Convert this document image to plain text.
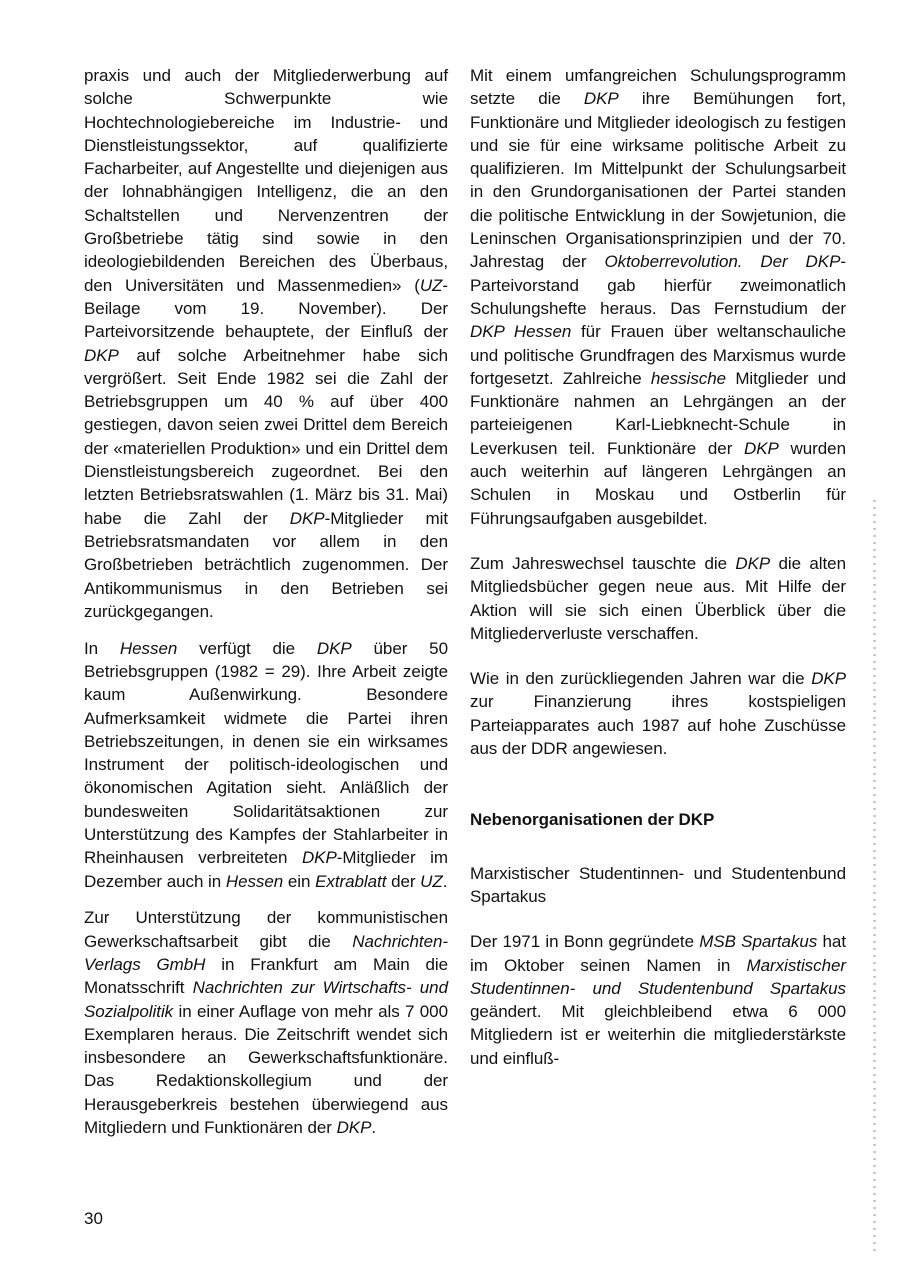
praxis und auch der Mitgliederwerbung auf solche Schwerpunkte wie Hochtechnologiebereiche im Industrie- und Dienstleistungssektor, auf qualifizierte Facharbeiter, auf Angestellte und diejenigen aus der lohnabhängigen Intelligenz, die an den Schaltstellen und Nervenzentren der Großbetriebe tätig sind sowie in den ideologiebildenden Bereichen des Überbaus, den Universitäten und Massenmedien» (UZ-Beilage vom 19. November). Der Parteivorsitzende behauptete, der Einfluß der DKP auf solche Arbeitnehmer habe sich vergrößert. Seit Ende 1982 sei die Zahl der Betriebsgruppen um 40 % auf über 400 gestiegen, davon seien zwei Drittel dem Bereich der «materiellen Produktion» und ein Drittel dem Dienstleistungsbereich zugeordnet. Bei den letzten Betriebsratswahlen (1. März bis 31. Mai) habe die Zahl der DKP-Mitglieder mit Betriebsratsmandaten vor allem in den Großbetrieben beträchtlich zugenommen. Der Antikommunismus in den Betrieben sei zurückgegangen.

In Hessen verfügt die DKP über 50 Betriebsgruppen (1982 = 29). Ihre Arbeit zeigte kaum Außenwirkung. Besondere Aufmerksamkeit widmete die Partei ihren Betriebszeitungen, in denen sie ein wirksames Instrument der politisch-ideologischen und ökonomischen Agitation sieht. Anläßlich der bundesweiten Solidaritätsaktionen zur Unterstützung des Kampfes der Stahlarbeiter in Rheinhausen verbreiteten DKP-Mitglieder im Dezember auch in Hessen ein Extrablatt der UZ.

Zur Unterstützung der kommunistischen Gewerkschaftsarbeit gibt die Nachrichten-Verlags GmbH in Frankfurt am Main die Monatsschrift Nachrichten zur Wirtschafts- und Sozialpolitik in einer Auflage von mehr als 7 000 Exemplaren heraus. Die Zeitschrift wendet sich insbesondere an Gewerkschaftsfunktionäre. Das Redaktionskollegium und der Herausgeberkreis bestehen überwiegend aus Mitgliedern und Funktionären der DKP.

Mit einem umfangreichen Schulungsprogramm setzte die DKP ihre Bemühungen fort, Funktionäre und Mitglieder ideologisch zu festigen und sie für eine wirksame politische Arbeit zu qualifizieren. Im Mittelpunkt der Schulungsarbeit in den Grundorganisationen der Partei standen die politische Entwicklung in der Sowjetunion, die Leninschen Organisationsprinzipien und der 70. Jahrestag der Oktoberrevolution. Der DKP-Parteivorstand gab hierfür zweimonatlich Schulungshefte heraus. Das Fernstudium der DKP Hessen für Frauen über weltanschauliche und politische Grundfragen des Marxismus wurde fortgesetzt. Zahlreiche hessische Mitglieder und Funktionäre nahmen an Lehrgängen an der parteieigenen Karl-Liebknecht-Schule in Leverkusen teil. Funktionäre der DKP wurden auch weiterhin auf längeren Lehrgängen an Schulen in Moskau und Ostberlin für Führungsaufgaben ausgebildet.

Zum Jahreswechsel tauschte die DKP die alten Mitgliedsbücher gegen neue aus. Mit Hilfe der Aktion will sie sich einen Überblick über die Mitgliederverluste verschaffen.

Wie in den zurückliegenden Jahren war die DKP zur Finanzierung ihres kostspieligen Parteiapparates auch 1987 auf hohe Zuschüsse aus der DDR angewiesen.

Nebenorganisationen der DKP

Marxistischer Studentinnen- und Studentenbund Spartakus

Der 1971 in Bonn gegründete MSB Spartakus hat im Oktober seinen Namen in Marxistischer Studentinnen- und Studentenbund Spartakus geändert. Mit gleichbleibend etwa 6 000 Mitgliedern ist er weiterhin die mitgliederstärkste und einfluß-

30
